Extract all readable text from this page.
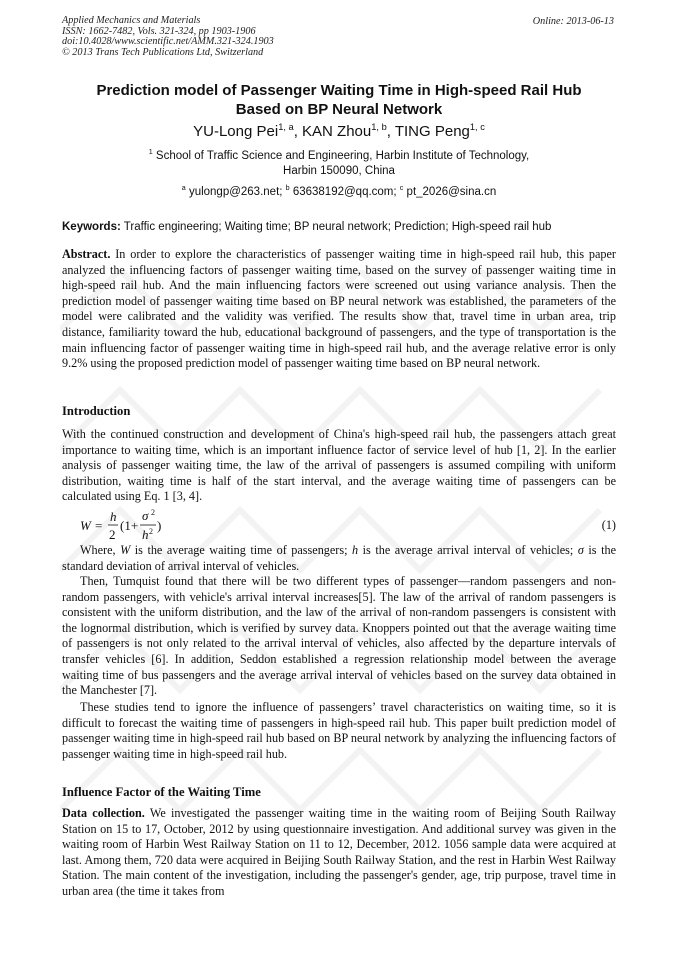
Applied Mechanics and Materials
ISSN: 1662-7482, Vols. 321-324, pp 1903-1906
doi:10.4028/www.scientific.net/AMM.321-324.1903
© 2013 Trans Tech Publications Ltd, Switzerland
Online: 2013-06-13
Prediction model of Passenger Waiting Time in High-speed Rail Hub
Based on BP Neural Network
YU-Long Pei$^{1, a}$, KAN Zhou$^{1, b}$, TING Peng$^{1, c}$
$^1$ School of Traffic Science and Engineering, Harbin Institute of Technology,
Harbin 150090, China
$^a$ yulongp@263.net; $^b$ 63638192@qq.com; $^c$ pt_2026@sina.cn
Keywords: Traffic engineering; Waiting time; BP neural network; Prediction; High-speed rail hub
Abstract. In order to explore the characteristics of passenger waiting time in high-speed rail hub, this paper analyzed the influencing factors of passenger waiting time, based on the survey of passenger waiting time in high-speed rail hub. And the main influencing factors were screened out using variance analysis. Then the prediction model of passenger waiting time based on BP neural network was established, the parameters of the model were calibrated and the validity was verified. The results show that, travel time in urban area, trip distance, familiarity toward the hub, educational background of passengers, and the type of transportation is the main influencing factor of passenger waiting time in high-speed rail hub, and the average relative error is only 9.2% using the proposed prediction model of passenger waiting time based on BP neural network.
Introduction
With the continued construction and development of China's high-speed rail hub, the passengers attach great importance to waiting time, which is an important influence factor of service level of hub [1, 2]. In the earlier analysis of passenger waiting time, the law of the arrival of passengers is assumed compiling with uniform distribution, waiting time is half of the start interval, and the average waiting time of passengers can be calculated using Eq. 1 [3, 4].
W =
h
2
(1+
σ 2
h 2 )	(1)
Where, W is the average waiting time of passengers; h is the average arrival interval of vehicles; σ is the standard deviation of arrival interval of vehicles.
Then, Tumquist found that there will be two different types of passenger—random passengers and non-random passengers, with vehicle's arrival interval increases[5]. The law of the arrival of random passengers is consistent with the uniform distribution, and the law of the arrival of non-random passengers is consistent with the lognormal distribution, which is verified by survey data. Knoppers pointed out that the average waiting time of passengers is not only related to the arrival interval of vehicles, also affected by the departure intervals of transfer vehicles [6]. In addition, Seddon established a regression relationship model between the average waiting time of bus passengers and the average arrival interval of vehicles based on the survey data obtained in the Manchester [7].
These studies tend to ignore the influence of passengers’ travel characteristics on waiting time, so it is difficult to forecast the waiting time of passengers in high-speed rail hub. This paper built prediction model of passenger waiting time in high-speed rail hub based on BP neural network by analyzing the influencing factors of passenger waiting time in high-speed rail hub.
Influence Factor of the Waiting Time
Data collection. We investigated the passenger waiting time in the waiting room of Beijing South Railway Station on 15 to 17, October, 2012 by using questionnaire investigation. And additional survey was given in the waiting room of Harbin West Railway Station on 11 to 12, December, 2012. 1056 sample data were acquired at last. Among them, 720 data were acquired in Beijing South Railway Station, and the rest in Harbin West Railway Station. The main content of the investigation, including the passenger's gender, age, trip purpose, travel time in urban area (the time it takes from
